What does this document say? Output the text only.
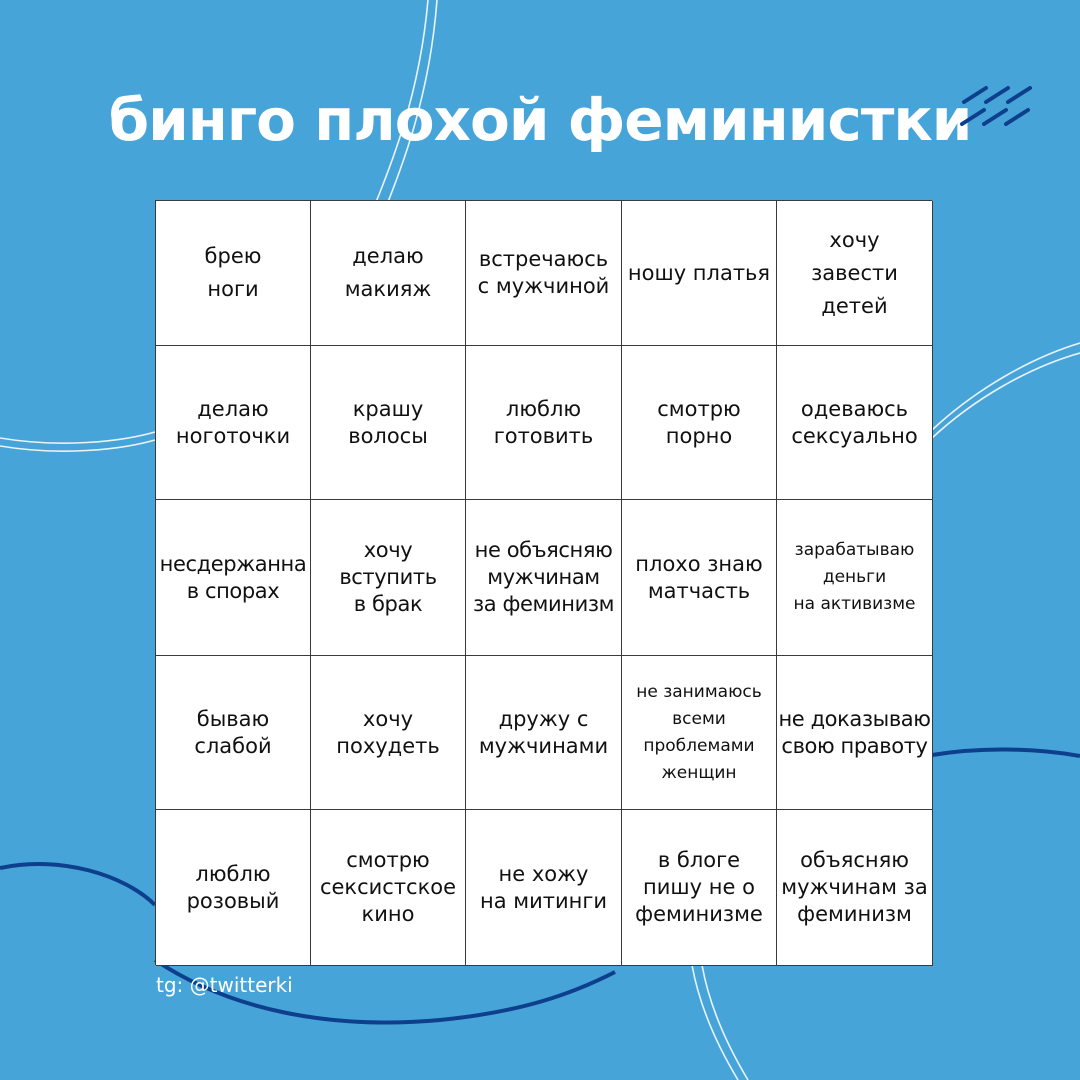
бинго плохой феминистки
брею
ноги
делаю
макияж
встречаюсь
с мужчиной
ношу платья
хочу
завести
детей
делаю
ноготочки
крашу
волосы
люблю
готовить
смотрю
порно
одеваюсь
сексуально
несдержанна
в спорах
хочу вступить
в брак
не объясняю
мужчинам
за феминизм
плохо знаю
матчасть
зарабатываю
деньги
на активизме
бываю
слабой
хочу
похудеть
дружу с
мужчинами
не занимаюсь
всеми
проблемами
женщин
не доказываю
свою правоту
люблю
розовый
смотрю
сексистское
кино
не хожу
на митинги
в блоге
пишу не о
феминизме
объясняю
мужчинам за
феминизм
tg: @twitterki
